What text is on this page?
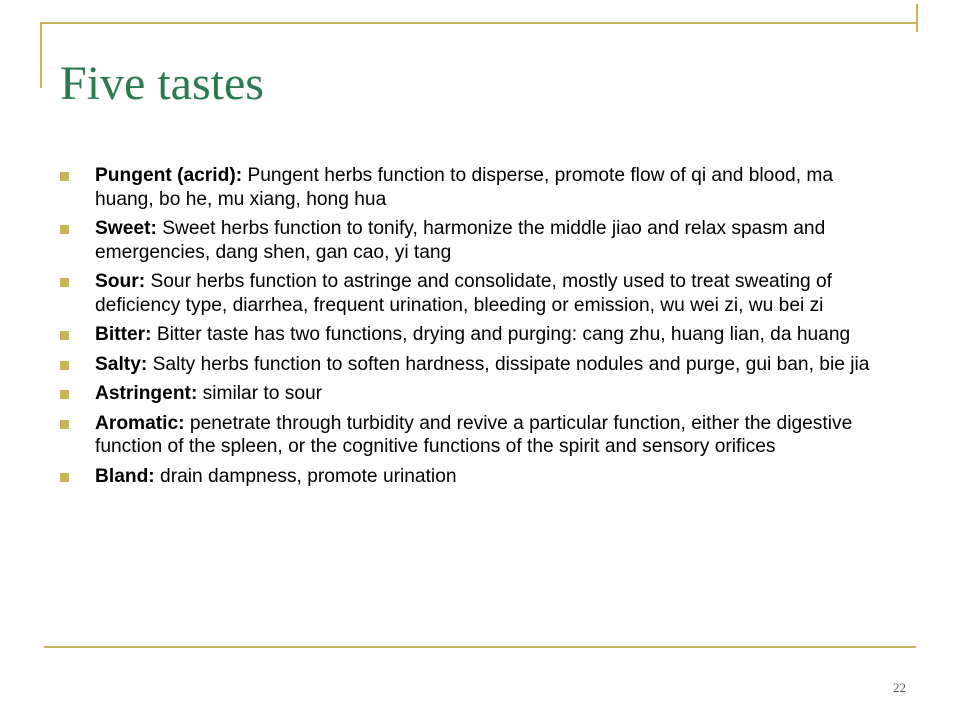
Five tastes
Pungent (acrid): Pungent herbs function to disperse, promote flow of qi and blood, ma huang, bo he, mu xiang, hong hua
Sweet: Sweet herbs function to tonify, harmonize the middle jiao and relax spasm and emergencies, dang shen, gan cao, yi tang
Sour: Sour herbs function to astringe and consolidate, mostly used to treat sweating of deficiency type, diarrhea, frequent urination, bleeding or emission, wu wei zi, wu bei zi
Bitter: Bitter taste has two functions, drying and purging: cang zhu, huang lian, da huang
Salty: Salty herbs function to soften hardness, dissipate nodules and purge, gui ban, bie jia
Astringent: similar to sour
Aromatic: penetrate through turbidity and revive a particular function, either the digestive function of the spleen, or the cognitive functions of the spirit and sensory orifices
Bland: drain dampness, promote urination
22
